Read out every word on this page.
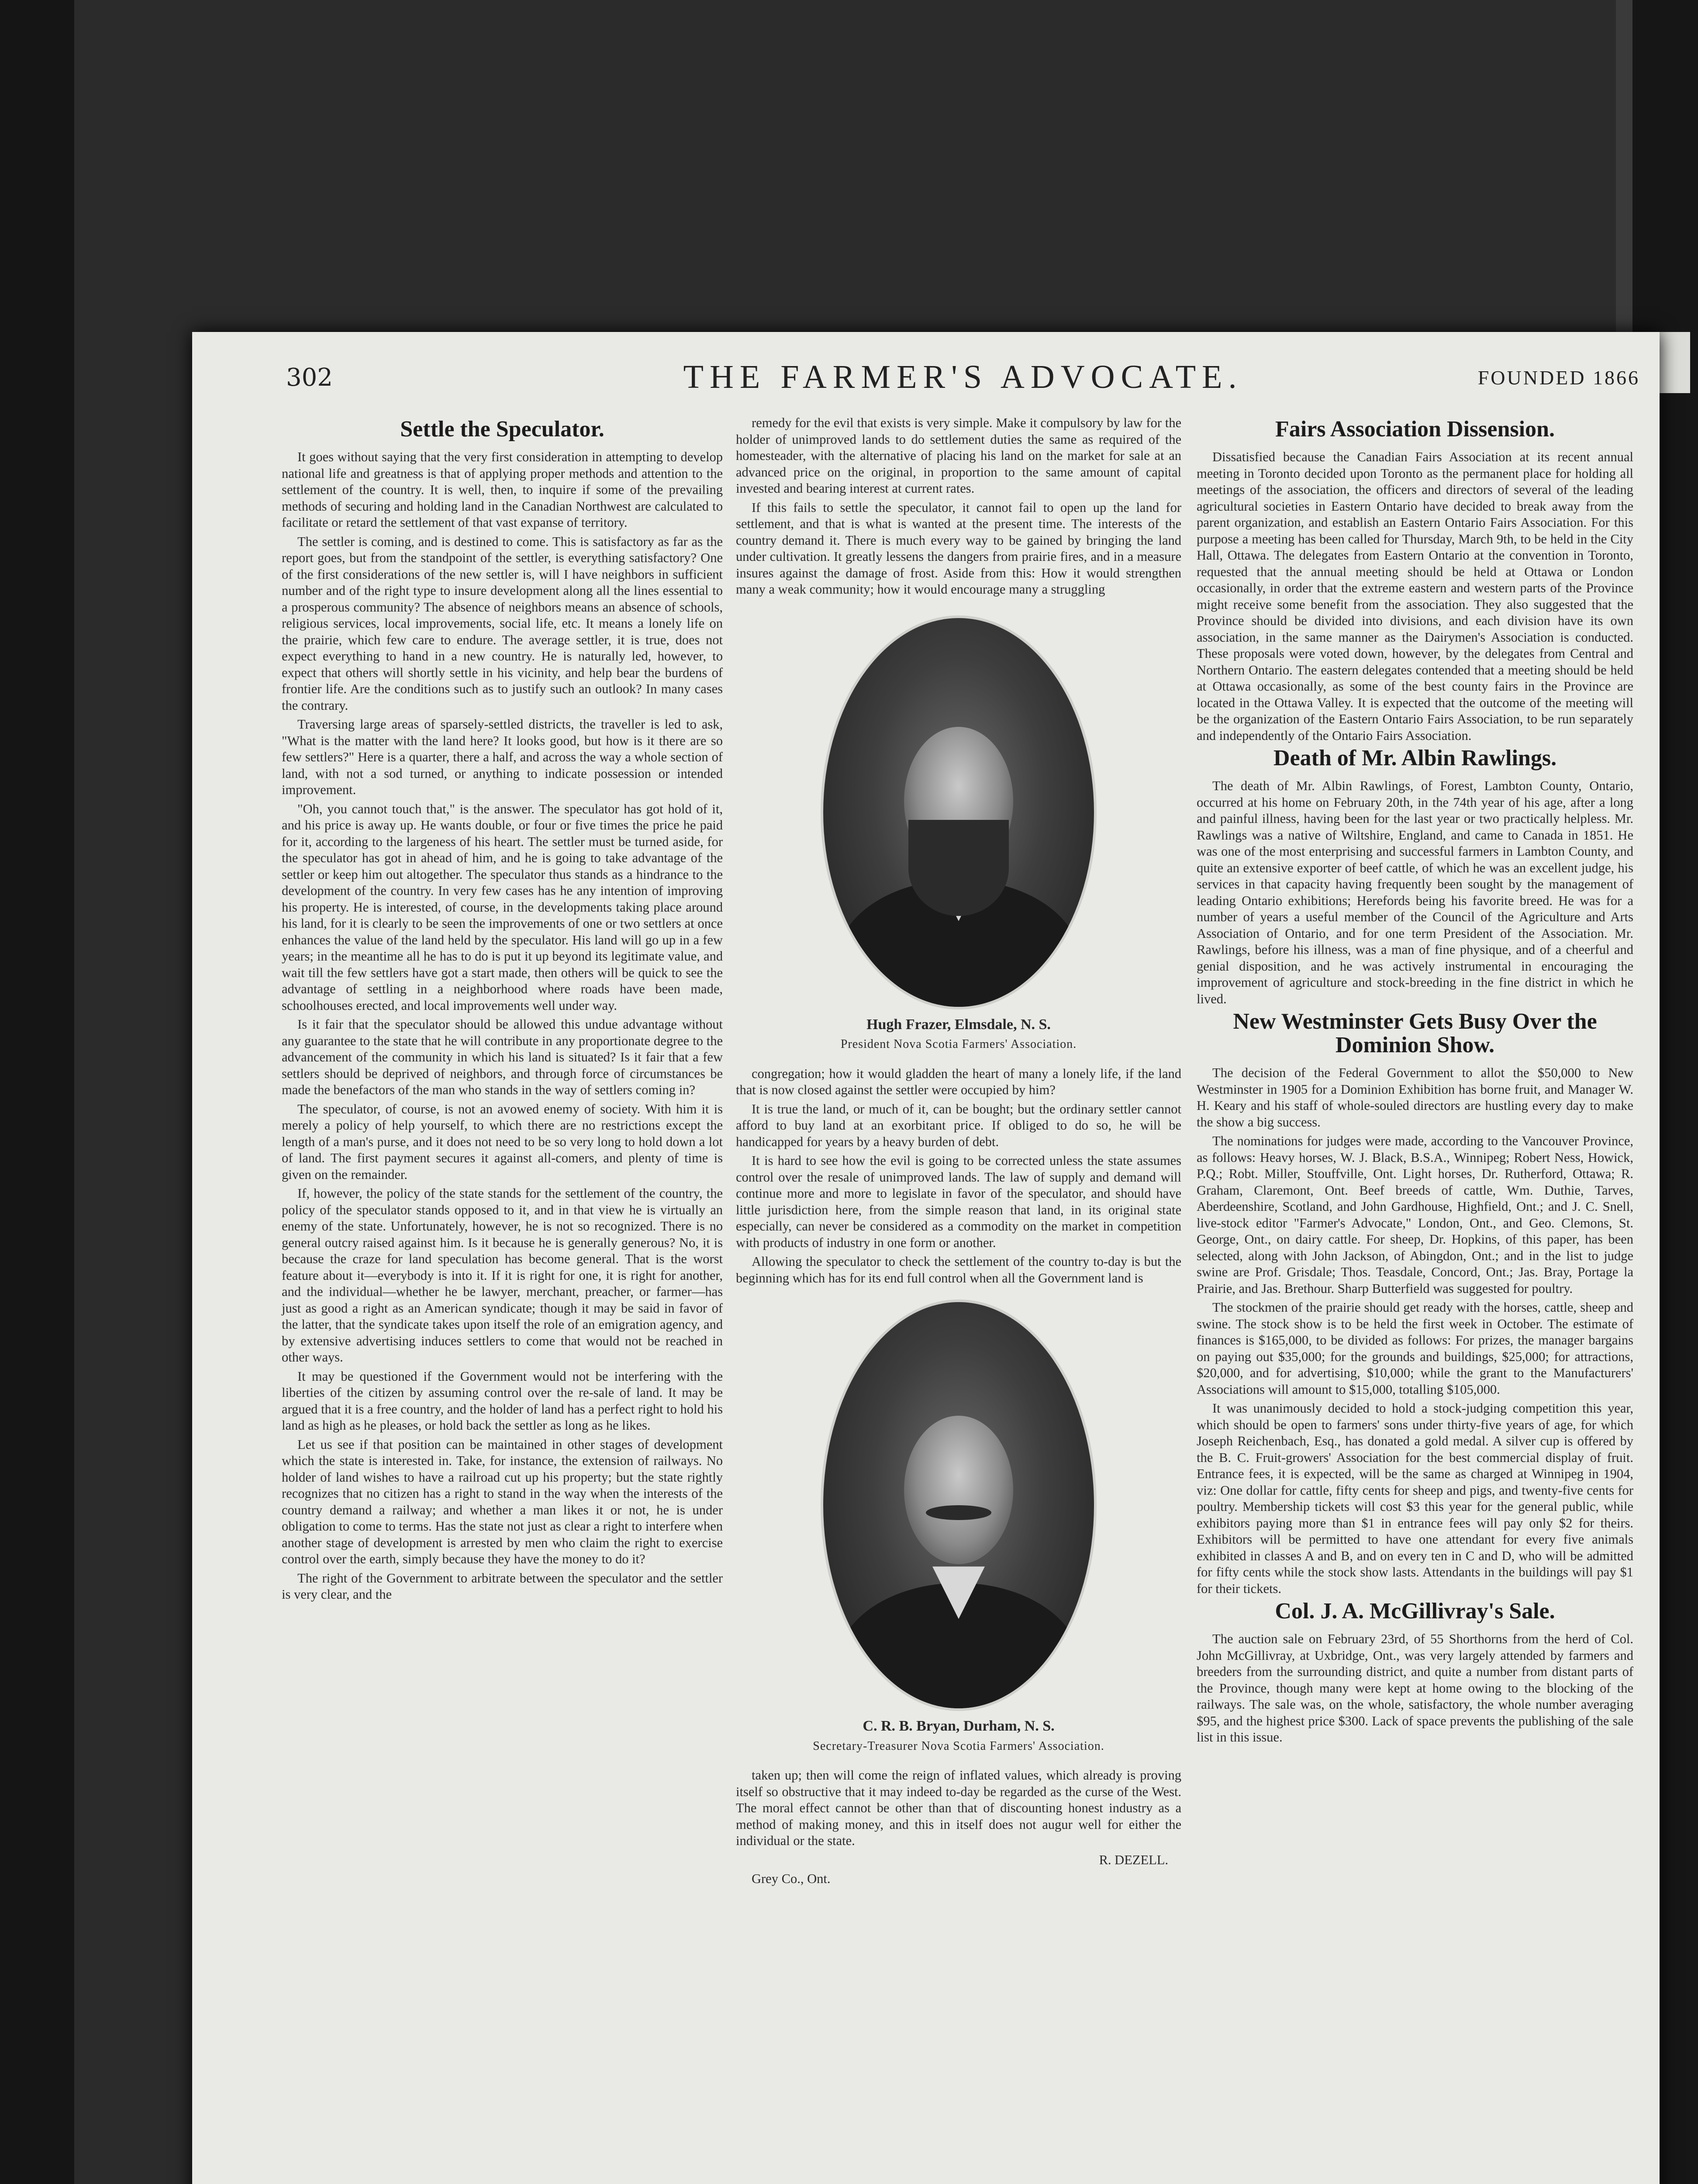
302	THE FARMER'S ADVOCATE.	FOUNDED 1866
Settle the Speculator.

It goes without saying that the very first consideration in attempting to develop national life and greatness is that of applying proper methods and attention to the settlement of the country. It is well, then, to inquire if some of the prevailing methods of securing and holding land in the Canadian Northwest are calculated to facilitate or retard the settlement of that vast expanse of territory.

The settler is coming, and is destined to come. This is satisfactory as far as the report goes, but from the standpoint of the settler, is everything satisfactory? One of the first considerations of the new settler is, will I have neighbors in sufficient number and of the right type to insure development along all the lines essential to a prosperous community? The absence of neighbors means an absence of schools, religious services, local improvements, social life, etc. It means a lonely life on the prairie, which few care to endure. The average settler, it is true, does not expect everything to hand in a new country. He is naturally led, however, to expect that others will shortly settle in his vicinity, and help bear the burdens of frontier life. Are the conditions such as to justify such an outlook? In many cases the contrary.

Traversing large areas of sparsely-settled districts, the traveller is led to ask, "What is the matter with the land here? It looks good, but how is it there are so few settlers?" Here is a quarter, there a half, and across the way a whole section of land, with not a sod turned, or anything to indicate possession or intended improvement.

"Oh, you cannot touch that," is the answer. The speculator has got hold of it, and his price is away up. He wants double, or four or five times the price he paid for it, according to the largeness of his heart. The settler must be turned aside, for the speculator has got in ahead of him, and he is going to take advantage of the settler or keep him out altogether. The speculator thus stands as a hindrance to the development of the country. In very few cases has he any intention of improving his property. He is interested, of course, in the developments taking place around his land, for it is clearly to be seen the improvements of one or two settlers at once enhances the value of the land held by the speculator. His land will go up in a few years; in the meantime all he has to do is put it up beyond its legitimate value, and wait till the few settlers have got a start made, then others will be quick to see the advantage of settling in a neighborhood where roads have been made, schoolhouses erected, and local improvements well under way.

Is it fair that the speculator should be allowed this undue advantage without any guarantee to the state that he will contribute in any proportionate degree to the advancement of the community in which his land is situated? Is it fair that a few settlers should be deprived of neighbors, and through force of circumstances be made the benefactors of the man who stands in the way of settlers coming in?

The speculator, of course, is not an avowed enemy of society. With him it is merely a policy of help yourself, to which there are no restrictions except the length of a man's purse, and it does not need to be so very long to hold down a lot of land. The first payment secures it against all-comers, and plenty of time is given on the remainder.

If, however, the policy of the state stands for the settlement of the country, the policy of the speculator stands opposed to it, and in that view he is virtually an enemy of the state. Unfortunately, however, he is not so recognized. There is no general outcry raised against him. Is it because he is generally generous? No, it is because the craze for land speculation has become general. That is the worst feature about it—everybody is into it. If it is right for one, it is right for another, and the individual—whether he be lawyer, merchant, preacher, or farmer—has just as good a right as an American syndicate; though it may be said in favor of the latter, that the syndicate takes upon itself the role of an emigration agency, and by extensive advertising induces settlers to come that would not be reached in other ways.

It may be questioned if the Government would not be interfering with the liberties of the citizen by assuming control over the re-sale of land. It may be argued that it is a free country, and the holder of land has a perfect right to hold his land as high as he pleases, or hold back the settler as long as he likes.

Let us see if that position can be maintained in other stages of development which the state is interested in. Take, for instance, the extension of railways. No holder of land wishes to have a railroad cut up his property; but the state rightly recognizes that no citizen has a right to stand in the way when the interests of the country demand a railway; and whether a man likes it or not, he is under obligation to come to terms. Has the state not just as clear a right to interfere when another stage of development is arrested by men who claim the right to exercise control over the earth, simply because they have the money to do it?

The right of the Government to arbitrate between the speculator and the settler is very clear, and the

remedy for the evil that exists is very simple. Make it compulsory by law for the holder of unimproved lands to do settlement duties the same as required of the homesteader, with the alternative of placing his land on the market for sale at an advanced price on the original, in proportion to the same amount of capital invested and bearing interest at current rates.

If this fails to settle the speculator, it cannot fail to open up the land for settlement, and that is what is wanted at the present time. The interests of the country demand it. There is much every way to be gained by bringing the land under cultivation. It greatly lessens the dangers from prairie fires, and in a measure insures against the damage of frost. Aside from this: How it would strengthen many a weak community; how it would encourage many a struggling

Hugh Frazer, Elmsdale, N. S.
President Nova Scotia Farmers' Association.

congregation; how it would gladden the heart of many a lonely life, if the land that is now closed against the settler were occupied by him?

It is true the land, or much of it, can be bought; but the ordinary settler cannot afford to buy land at an exorbitant price. If obliged to do so, he will be handicapped for years by a heavy burden of debt.

It is hard to see how the evil is going to be corrected unless the state assumes control over the resale of unimproved lands. The law of supply and demand will continue more and more to legislate in favor of the speculator, and should have little jurisdiction here, from the simple reason that land, in its original state especially, can never be considered as a commodity on the market in competition with products of industry in one form or another.

Allowing the speculator to check the settlement of the country to-day is but the beginning which has for its end full control when all the Government land is

C. R. B. Bryan, Durham, N. S.
Secretary-Treasurer Nova Scotia Farmers' Association.

taken up; then will come the reign of inflated values, which already is proving itself so obstructive that it may indeed to-day be regarded as the curse of the West. The moral effect cannot be other than that of discounting honest industry as a method of making money, and this in itself does not augur well for either the individual or the state.

R. DEZELL.

Grey Co., Ont.

Fairs Association Dissension.

Dissatisfied because the Canadian Fairs Association at its recent annual meeting in Toronto decided upon Toronto as the permanent place for holding all meetings of the association, the officers and directors of several of the leading agricultural societies in Eastern Ontario have decided to break away from the parent organization, and establish an Eastern Ontario Fairs Association. For this purpose a meeting has been called for Thursday, March 9th, to be held in the City Hall, Ottawa. The delegates from Eastern Ontario at the convention in Toronto, requested that the annual meeting should be held at Ottawa or London occasionally, in order that the extreme eastern and western parts of the Province might receive some benefit from the association. They also suggested that the Province should be divided into divisions, and each division have its own association, in the same manner as the Dairymen's Association is conducted. These proposals were voted down, however, by the delegates from Central and Northern Ontario. The eastern delegates contended that a meeting should be held at Ottawa occasionally, as some of the best county fairs in the Province are located in the Ottawa Valley. It is expected that the outcome of the meeting will be the organization of the Eastern Ontario Fairs Association, to be run separately and independently of the Ontario Fairs Association.

Death of Mr. Albin Rawlings.

The death of Mr. Albin Rawlings, of Forest, Lambton County, Ontario, occurred at his home on February 20th, in the 74th year of his age, after a long and painful illness, having been for the last year or two practically helpless. Mr. Rawlings was a native of Wiltshire, England, and came to Canada in 1851. He was one of the most enterprising and successful farmers in Lambton County, and quite an extensive exporter of beef cattle, of which he was an excellent judge, his services in that capacity having frequently been sought by the management of leading Ontario exhibitions; Herefords being his favorite breed. He was for a number of years a useful member of the Council of the Agriculture and Arts Association of Ontario, and for one term President of the Association. Mr. Rawlings, before his illness, was a man of fine physique, and of a cheerful and genial disposition, and he was actively instrumental in encouraging the improvement of agriculture and stock-breeding in the fine district in which he lived.

New Westminster Gets Busy Over the Dominion Show.

The decision of the Federal Government to allot the $50,000 to New Westminster in 1905 for a Dominion Exhibition has borne fruit, and Manager W. H. Keary and his staff of whole-souled directors are hustling every day to make the show a big success.

The nominations for judges were made, according to the Vancouver Province, as follows: Heavy horses, W. J. Black, B.S.A., Winnipeg; Robert Ness, Howick, P.Q.; Robt. Miller, Stouffville, Ont. Light horses, Dr. Rutherford, Ottawa; R. Graham, Claremont, Ont. Beef breeds of cattle, Wm. Duthie, Tarves, Aberdeenshire, Scotland, and John Gardhouse, Highfield, Ont.; and J. C. Snell, live-stock editor "Farmer's Advocate," London, Ont., and Geo. Clemons, St. George, Ont., on dairy cattle. For sheep, Dr. Hopkins, of this paper, has been selected, along with John Jackson, of Abingdon, Ont.; and in the list to judge swine are Prof. Grisdale; Thos. Teasdale, Concord, Ont.; Jas. Bray, Portage la Prairie, and Jas. Brethour. Sharp Butterfield was suggested for poultry.

The stockmen of the prairie should get ready with the horses, cattle, sheep and swine. The stock show is to be held the first week in October. The estimate of finances is $165,000, to be divided as follows: For prizes, the manager bargains on paying out $35,000; for the grounds and buildings, $25,000; for attractions, $20,000, and for advertising, $10,000; while the grant to the Manufacturers' Associations will amount to $15,000, totalling $105,000.

It was unanimously decided to hold a stock-judging competition this year, which should be open to farmers' sons under thirty-five years of age, for which Joseph Reichenbach, Esq., has donated a gold medal. A silver cup is offered by the B. C. Fruit-growers' Association for the best commercial display of fruit. Entrance fees, it is expected, will be the same as charged at Winnipeg in 1904, viz: One dollar for cattle, fifty cents for sheep and pigs, and twenty-five cents for poultry. Membership tickets will cost $3 this year for the general public, while exhibitors paying more than $1 in entrance fees will pay only $2 for theirs. Exhibitors will be permitted to have one attendant for every five animals exhibited in classes A and B, and on every ten in C and D, who will be admitted for fifty cents while the stock show lasts. Attendants in the buildings will pay $1 for their tickets.

Col. J. A. McGillivray's Sale.

The auction sale on February 23rd, of 55 Shorthorns from the herd of Col. John McGillivray, at Uxbridge, Ont., was very largely attended by farmers and breeders from the surrounding district, and quite a number from distant parts of the Province, though many were kept at home owing to the blocking of the railways. The sale was, on the whole, satisfactory, the whole number averaging $95, and the highest price $300. Lack of space prevents the publishing of the sale list in this issue.
